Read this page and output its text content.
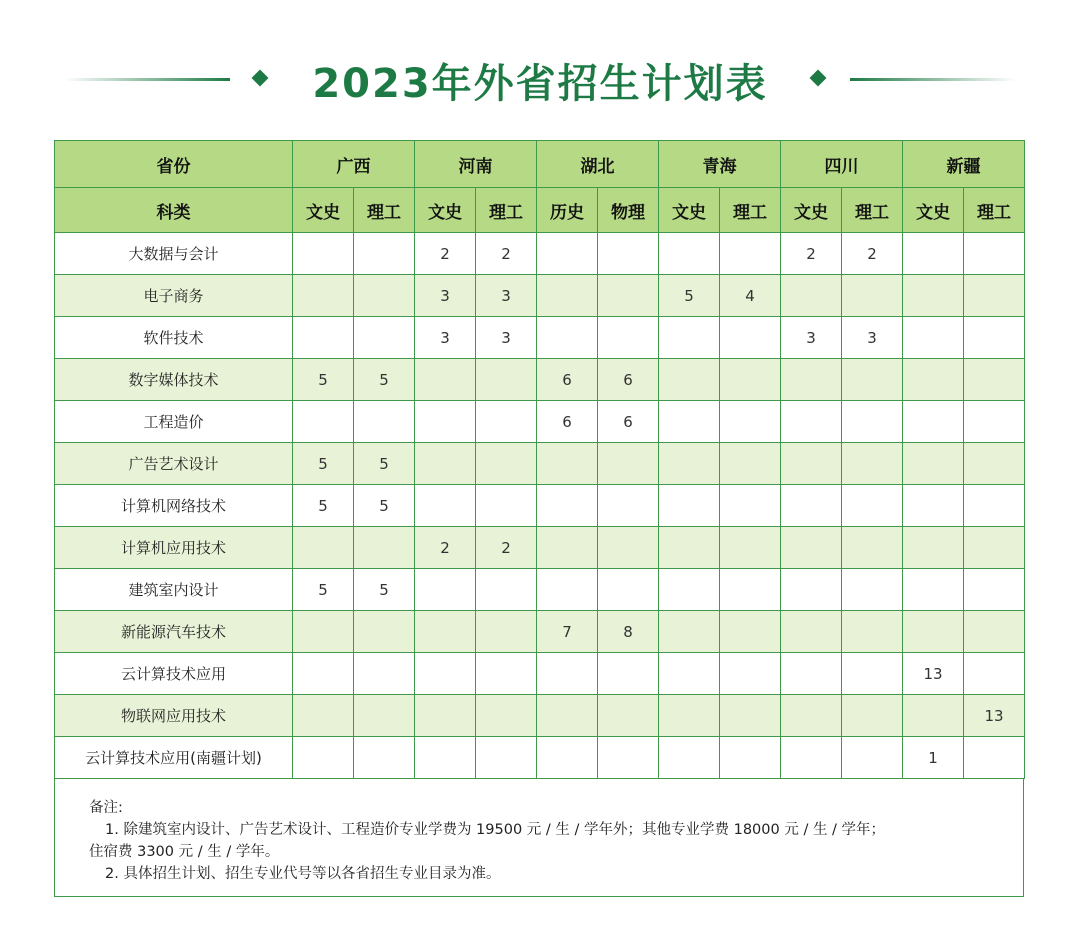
2023年外省招生计划表
省份	广西		河南		湖北		青海		四川		新疆	
科类	文史	理工	文史	理工	历史	物理	文史	理工	文史	理工	文史	理工
大数据与会计			2	2					2	2		
电子商务			3	3			5	4				
软件技术			3	3					3	3		
数字媒体技术	5	5			6	6						
工程造价					6	6						
广告艺术设计	5	5										
计算机网络技术	5	5										
计算机应用技术			2	2								
建筑室内设计	5	5										
新能源汽车技术					7	8						
云计算技术应用											13	
物联网应用技术												13
云计算技术应用(南疆计划)											1	
备注:
1. 除建筑室内设计、广告艺术设计、工程造价专业学费为 19500 元 / 生 / 学年外；其他专业学费 18000 元 / 生 / 学年；
住宿费 3300 元 / 生 / 学年。
2. 具体招生计划、招生专业代号等以各省招生专业目录为准。
